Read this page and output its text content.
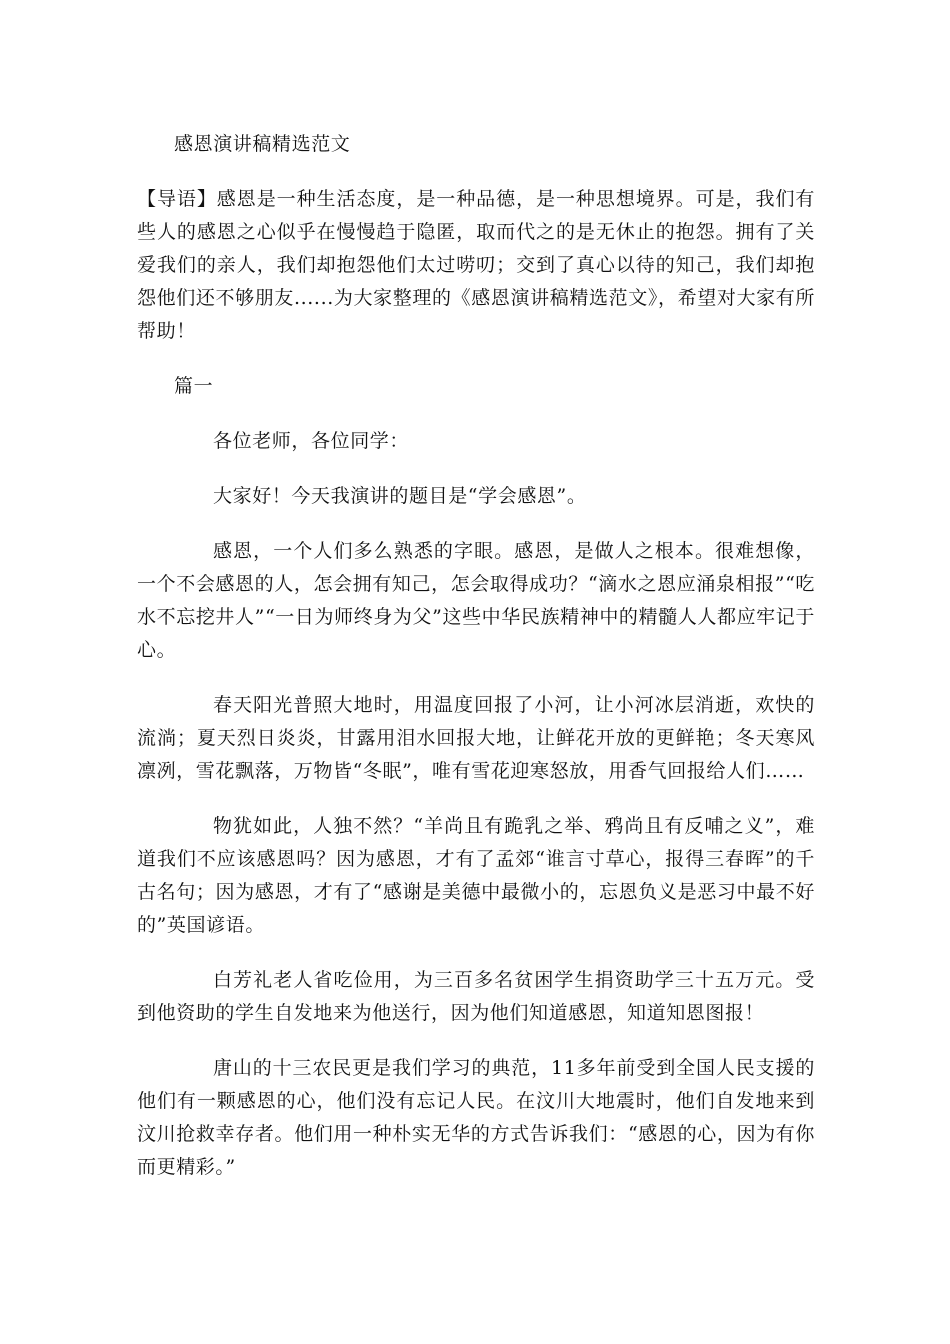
感恩演讲稿精选范文

【导语】感恩是一种生活态度，是一种品德，是一种思想境界。可是，我们有些人的感恩之心似乎在慢慢趋于隐匿，取而代之的是无休止的抱怨。拥有了关爱我们的亲人，我们却抱怨他们太过唠叨；交到了真心以待的知己，我们却抱怨他们还不够朋友......为大家整理的《感恩演讲稿精选范文》，希望对大家有所帮助！

篇一

各位老师，各位同学：

大家好！今天我演讲的题目是“学会感恩”。

感恩，一个人们多么熟悉的字眼。感恩，是做人之根本。很难想像，一个不会感恩的人，怎会拥有知己，怎会取得成功？“滴水之恩应涌泉相报”“吃水不忘挖井人”“一日为师终身为父”这些中华民族精神中的精髓人人都应牢记于心。

春天阳光普照大地时，用温度回报了小河，让小河冰层消逝，欢快的流淌；夏天烈日炎炎，甘露用泪水回报大地，让鲜花开放的更鲜艳；冬天寒风凛冽，雪花飘落，万物皆“冬眠”，唯有雪花迎寒怒放，用香气回报给人们……

物犹如此，人独不然？“羊尚且有跪乳之举、鸦尚且有反哺之义”，难道我们不应该感恩吗？因为感恩，才有了孟郊“谁言寸草心，报得三春晖”的千古名句；因为感恩，才有了“感谢是美德中最微小的，忘恩负义是恶习中最不好的”英国谚语。

白芳礼老人省吃俭用，为三百多名贫困学生捐资助学三十五万元。受到他资助的学生自发地来为他送行，因为他们知道感恩，知道知恩图报！

唐山的十三农民更是我们学习的典范，11多年前受到全国人民支援的他们有一颗感恩的心，他们没有忘记人民。在汶川大地震时，他们自发地来到汶川抢救幸存者。他们用一种朴实无华的方式告诉我们：“感恩的心，因为有你而更精彩。”
